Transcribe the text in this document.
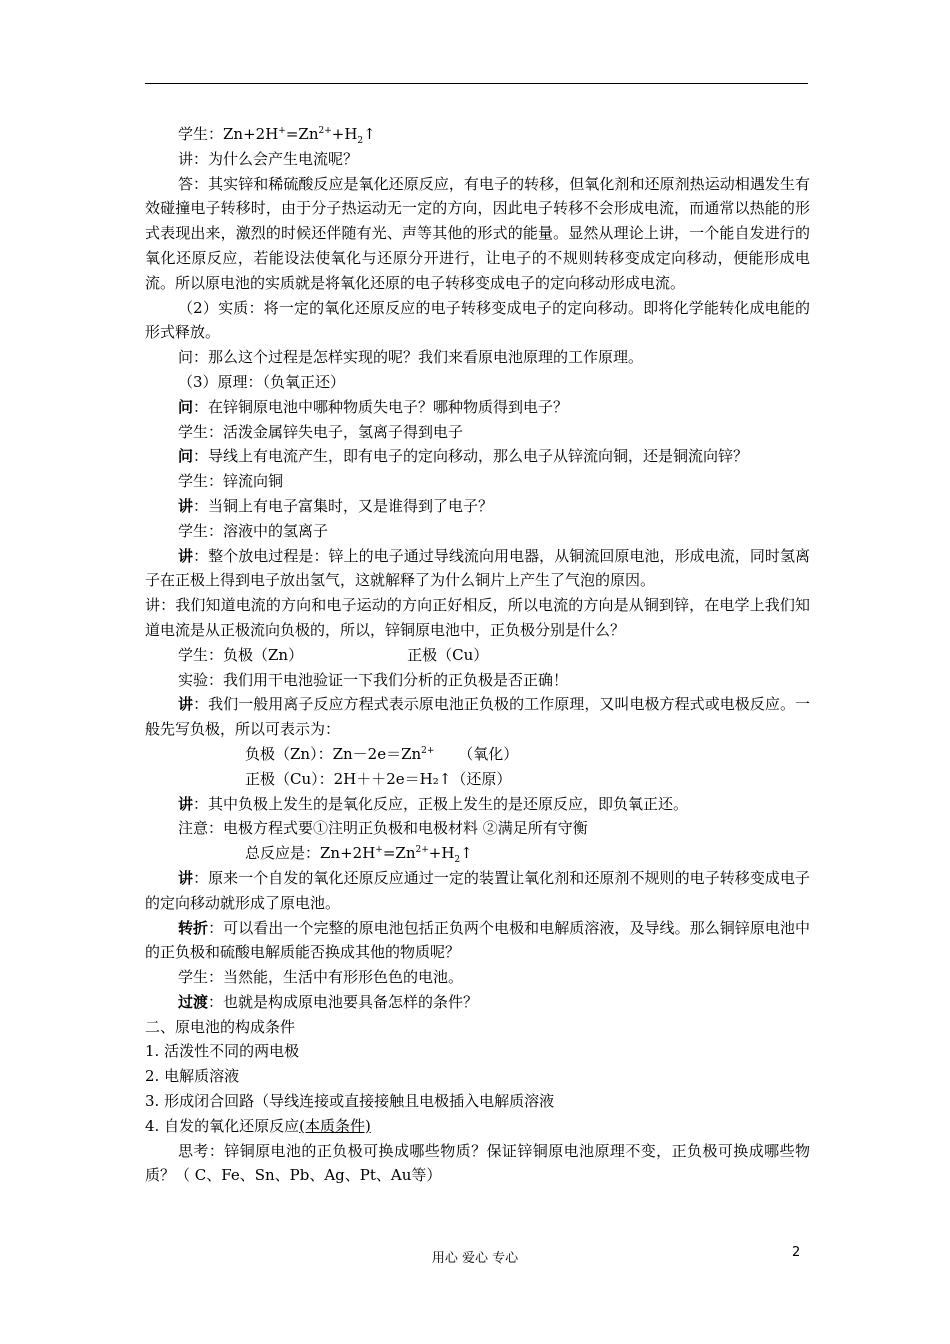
学生：$Zn+2H^+=Zn^{2+}+H_2↑$

讲：为什么会产生电流呢？

答：其实锌和稀硫酸反应是氧化还原反应，有电子的转移，但氧化剂和还原剂热运动相遇发生有效碰撞电子转移时，由于分子热运动无一定的方向，因此电子转移不会形成电流，而通常以热能的形式表现出来，激烈的时候还伴随有光、声等其他的形式的能量。显然从理论上讲，一个能自发进行的氧化还原反应，若能设法使氧化与还原分开进行，让电子的不规则转移变成定向移动，便能形成电流。所以原电池的实质就是将氧化还原的电子转移变成电子的定向移动形成电流。

（2）实质：将一定的氧化还原反应的电子转移变成电子的定向移动。即将化学能转化成电能的形式释放。

问：那么这个过程是怎样实现的呢？我们来看原电池原理的工作原理。

（3）原理：（负氧正还）

问：在锌铜原电池中哪种物质失电子？哪种物质得到电子？

学生：活泼金属锌失电子，氢离子得到电子

问：导线上有电流产生，即有电子的定向移动，那么电子从锌流向铜，还是铜流向锌？

学生：锌流向铜

讲：当铜上有电子富集时，又是谁得到了电子？

学生：溶液中的氢离子

讲：整个放电过程是：锌上的电子通过导线流向用电器，从铜流回原电池，形成电流，同时氢离子在正极上得到电子放出氢气，这就解释了为什么铜片上产生了气泡的原因。

讲：我们知道电流的方向和电子运动的方向正好相反，所以电流的方向是从铜到锌，在电学上我们知道电流是从正极流向负极的，所以，锌铜原电池中，正负极分别是什么？

学生：负极（Zn）	正极（Cu）

实验：我们用干电池验证一下我们分析的正负极是否正确！

讲：我们一般用离子反应方程式表示原电池正负极的工作原理，又叫电极方程式或电极反应。一般先写负极，所以可表示为：

负极（Zn）：$Zn-2e=Zn^{2+}$ （氧化）

正极（Cu）：2H＋＋2e＝H₂↑（还原）

讲：其中负极上发生的是氧化反应，正极上发生的是还原反应，即负氧正还。

注意：电极方程式要①注明正负极和电极材料 ②满足所有守衡

总反应是：$Zn+2H^+=Zn^{2+}+H_2↑$

讲：原来一个自发的氧化还原反应通过一定的装置让氧化剂和还原剂不规则的电子转移变成电子的定向移动就形成了原电池。

转折：可以看出一个完整的原电池包括正负两个电极和电解质溶液，及导线。那么铜锌原电池中的正负极和硫酸电解质能否换成其他的物质呢？

学生：当然能，生活中有形形色色的电池。

过渡：也就是构成原电池要具备怎样的条件？

二、原电池的构成条件

1. 活泼性不同的两电极

2. 电解质溶液

3. 形成闭合回路（导线连接或直接接触且电极插入电解质溶液

4. 自发的氧化还原反应(本质条件)

思考：锌铜原电池的正负极可换成哪些物质？保证锌铜原电池原理不变，正负极可换成哪些物质？（ C、Fe、Sn、Pb、Ag、Pt、Au等）

用心 爱心 专心	2
